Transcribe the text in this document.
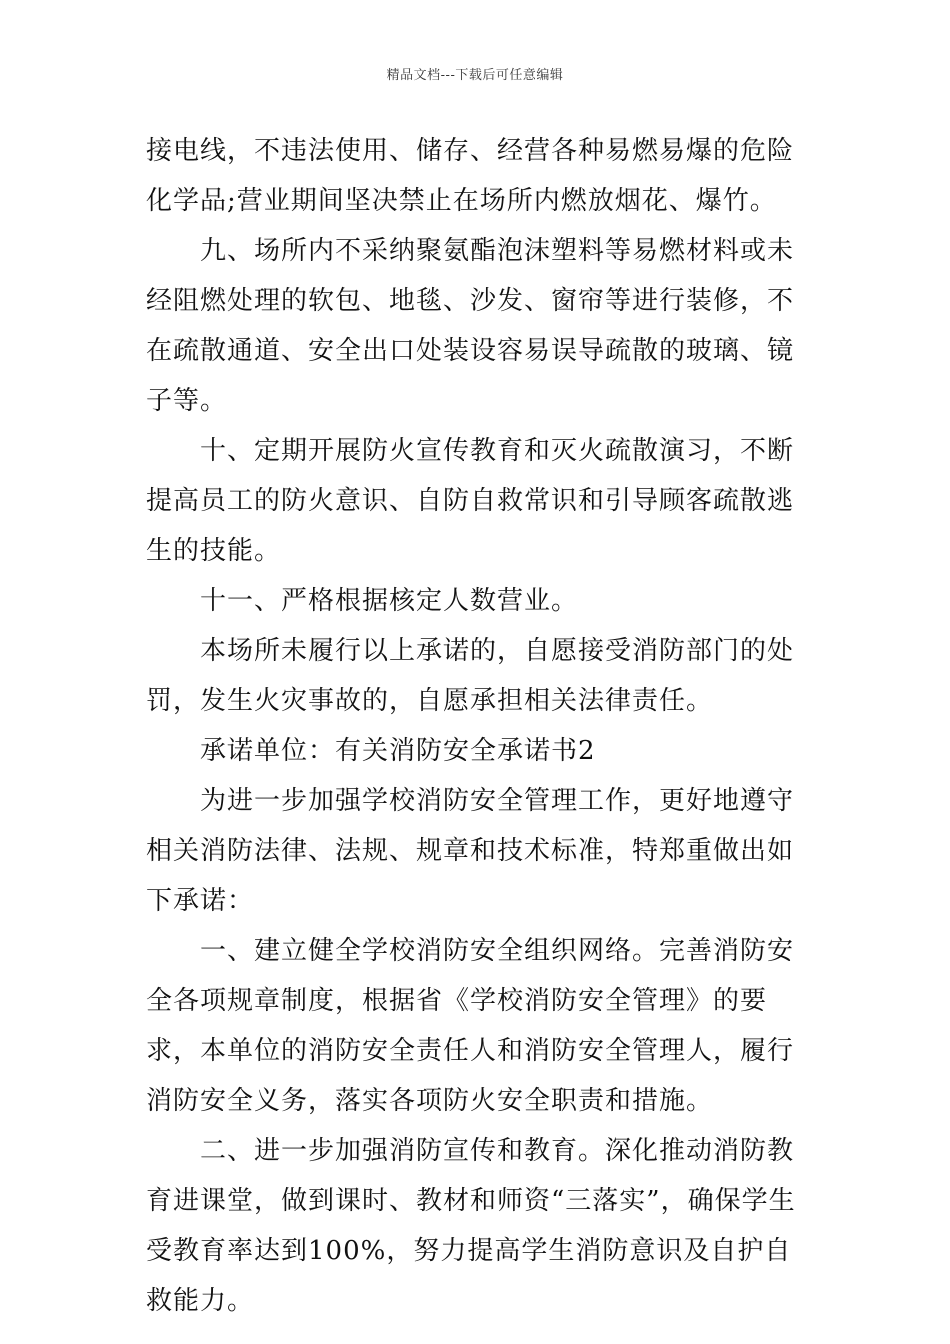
精品文档---下载后可任意编辑

接电线，不违法使用、储存、经营各种易燃易爆的危险化学品;营业期间坚决禁止在场所内燃放烟花、爆竹。

九、场所内不采纳聚氨酯泡沫塑料等易燃材料或未经阻燃处理的软包、地毯、沙发、窗帘等进行装修，不在疏散通道、安全出口处装设容易误导疏散的玻璃、镜子等。

十、定期开展防火宣传教育和灭火疏散演习，不断提高员工的防火意识、自防自救常识和引导顾客疏散逃生的技能。

十一、严格根据核定人数营业。

本场所未履行以上承诺的，自愿接受消防部门的处罚，发生火灾事故的，自愿承担相关法律责任。

承诺单位：有关消防安全承诺书2

为进一步加强学校消防安全管理工作，更好地遵守相关消防法律、法规、规章和技术标准，特郑重做出如下承诺：

一、建立健全学校消防安全组织网络。完善消防安全各项规章制度，根据省《学校消防安全管理》的要求，本单位的消防安全责任人和消防安全管理人，履行消防安全义务，落实各项防火安全职责和措施。

二、进一步加强消防宣传和教育。深化推动消防教育进课堂，做到课时、教材和师资“三落实”，确保学生受教育率达到100%，努力提高学生消防意识及自护自救能力。
